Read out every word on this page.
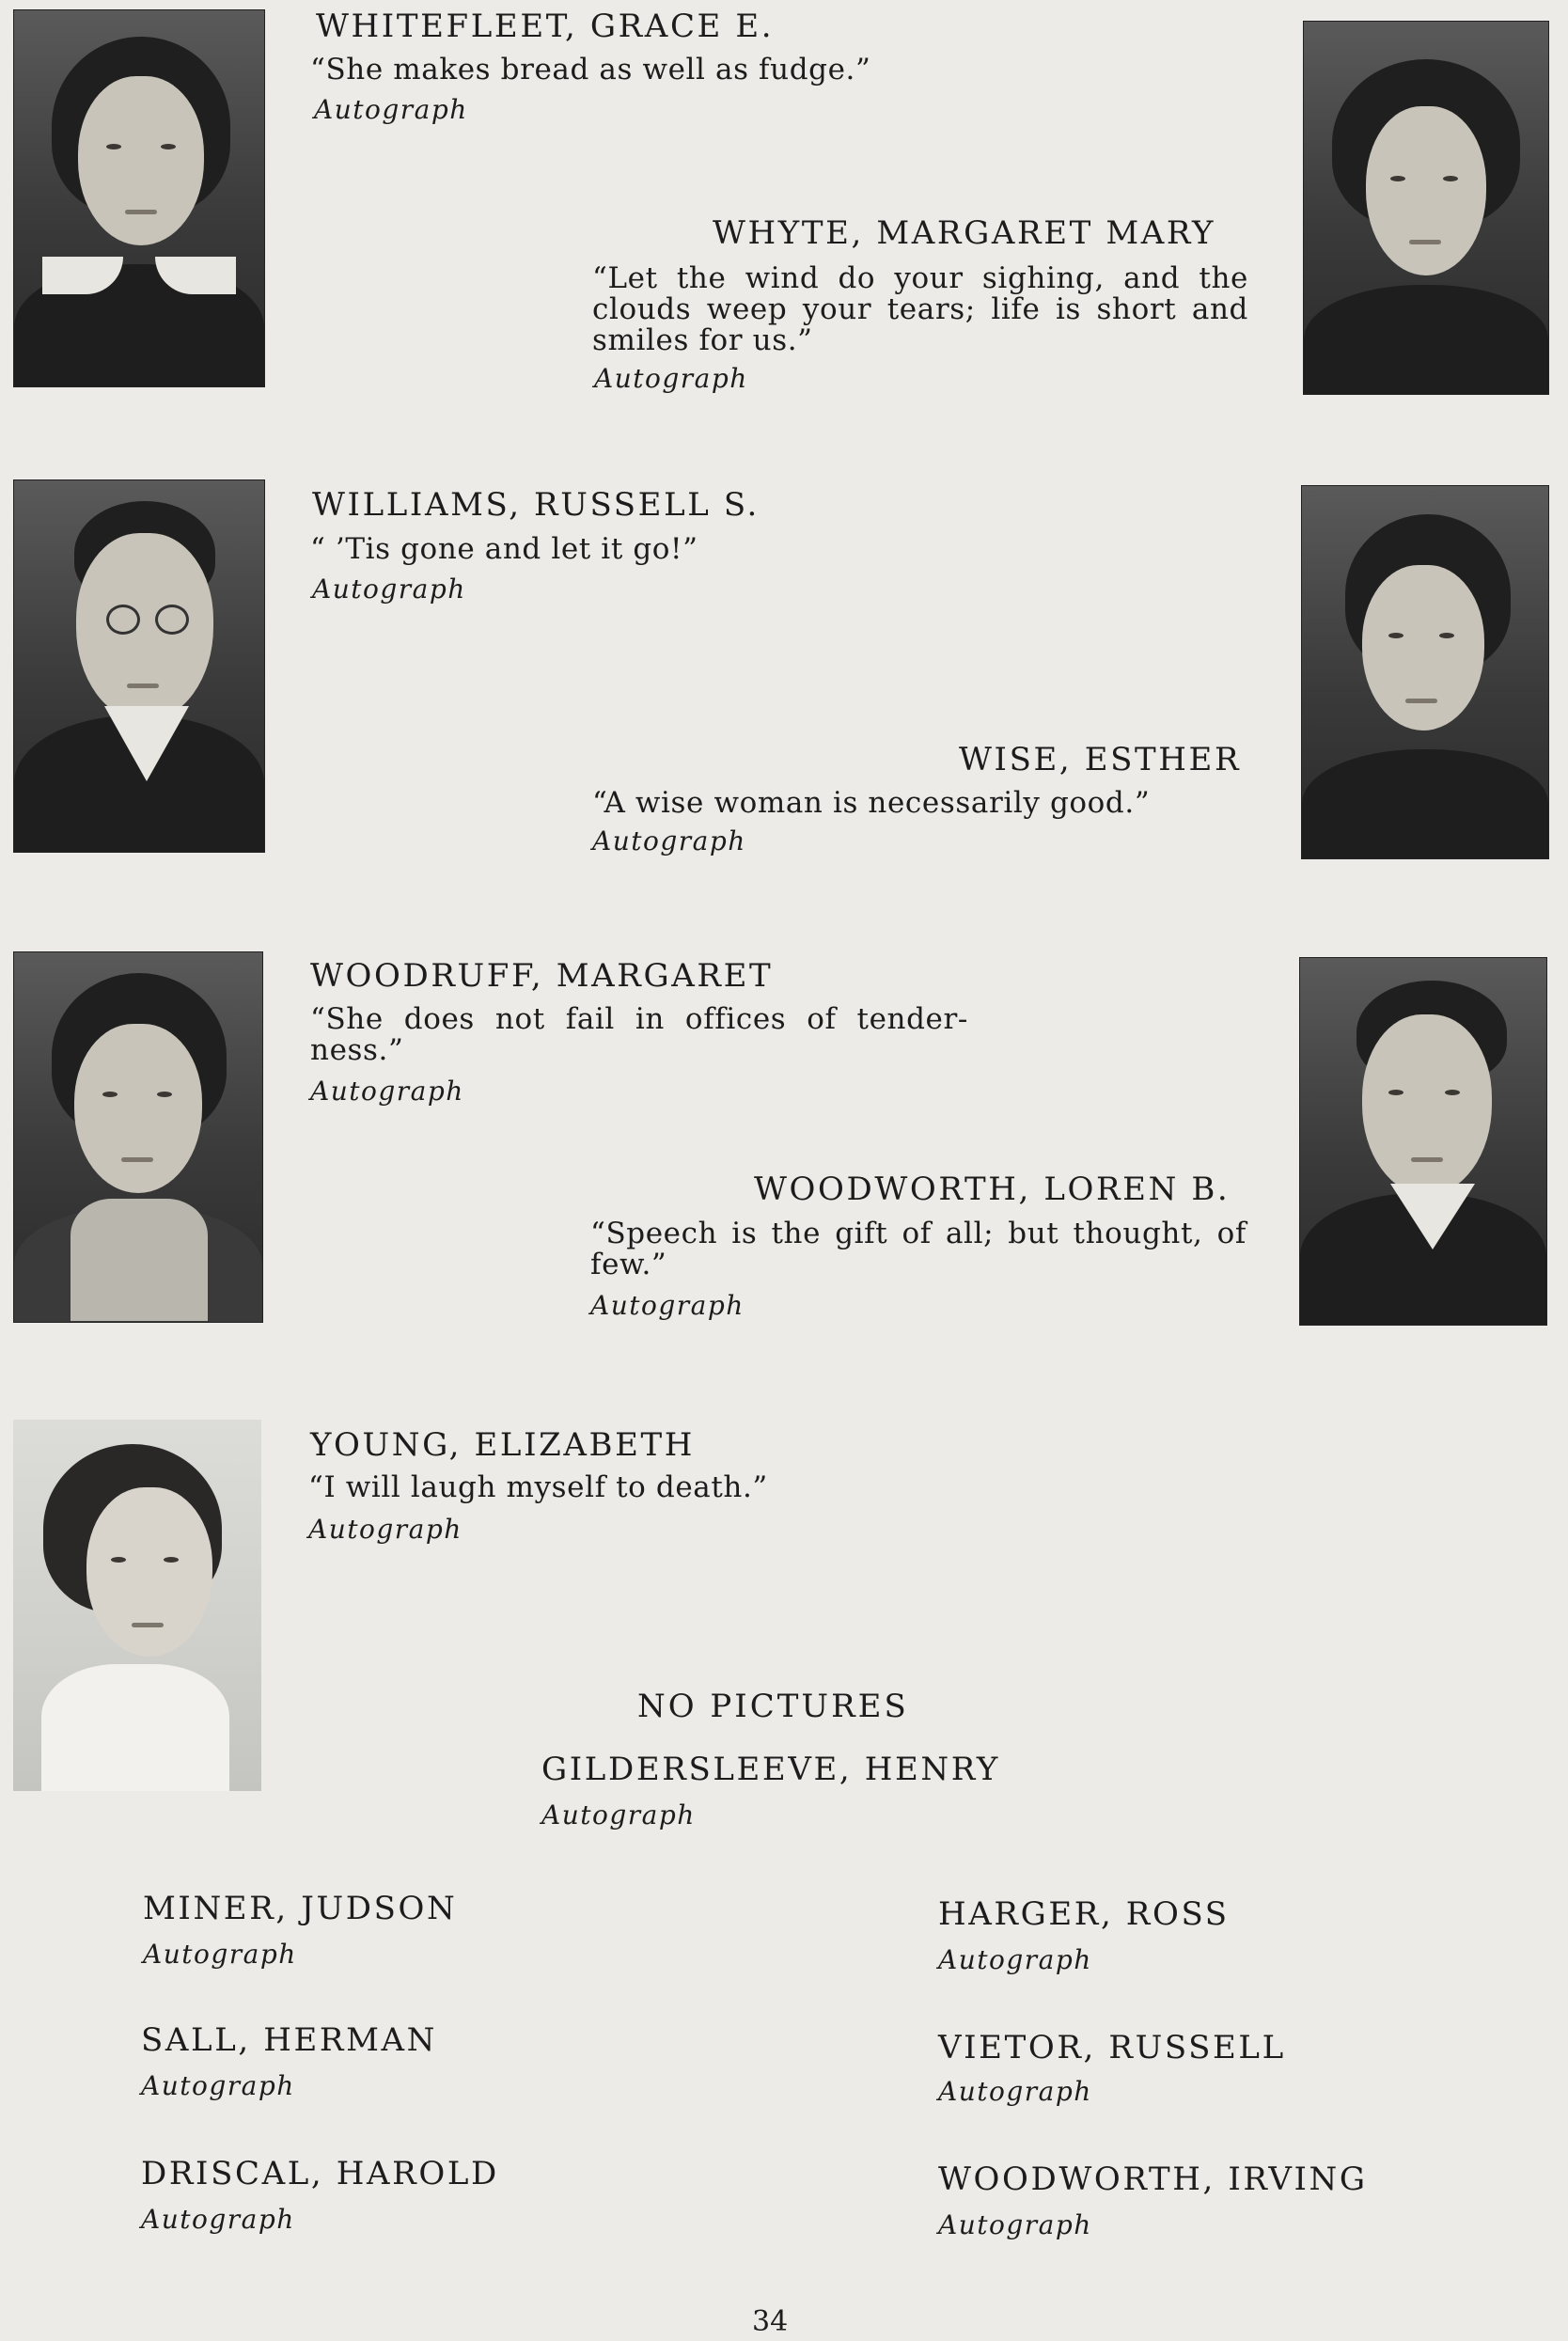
WHITEFLEET, GRACE E.
“She makes bread as well as fudge.”
Autograph
WHYTE, MARGARET MARY
“Let the wind do your sighing, and the clouds weep your tears; life is short and smiles for us.”
Autograph
WILLIAMS, RUSSELL S.
“ ’Tis gone and let it go!”
Autograph
WISE, ESTHER
“A wise woman is necessarily good.”
Autograph
WOODRUFF, MARGARET
“She does not fail in offices of tender-ness.”
Autograph
WOODWORTH, LOREN B.
“Speech is the gift of all; but thought, of few.”
Autograph
YOUNG, ELIZABETH
“I will laugh myself to death.”
Autograph
NO PICTURES
GILDERSLEEVE, HENRY
Autograph
MINER, JUDSON
Autograph
HARGER, ROSS
Autograph
SALL, HERMAN
Autograph
VIETOR, RUSSELL
Autograph
DRISCAL, HAROLD
Autograph
WOODWORTH, IRVING
Autograph
34
